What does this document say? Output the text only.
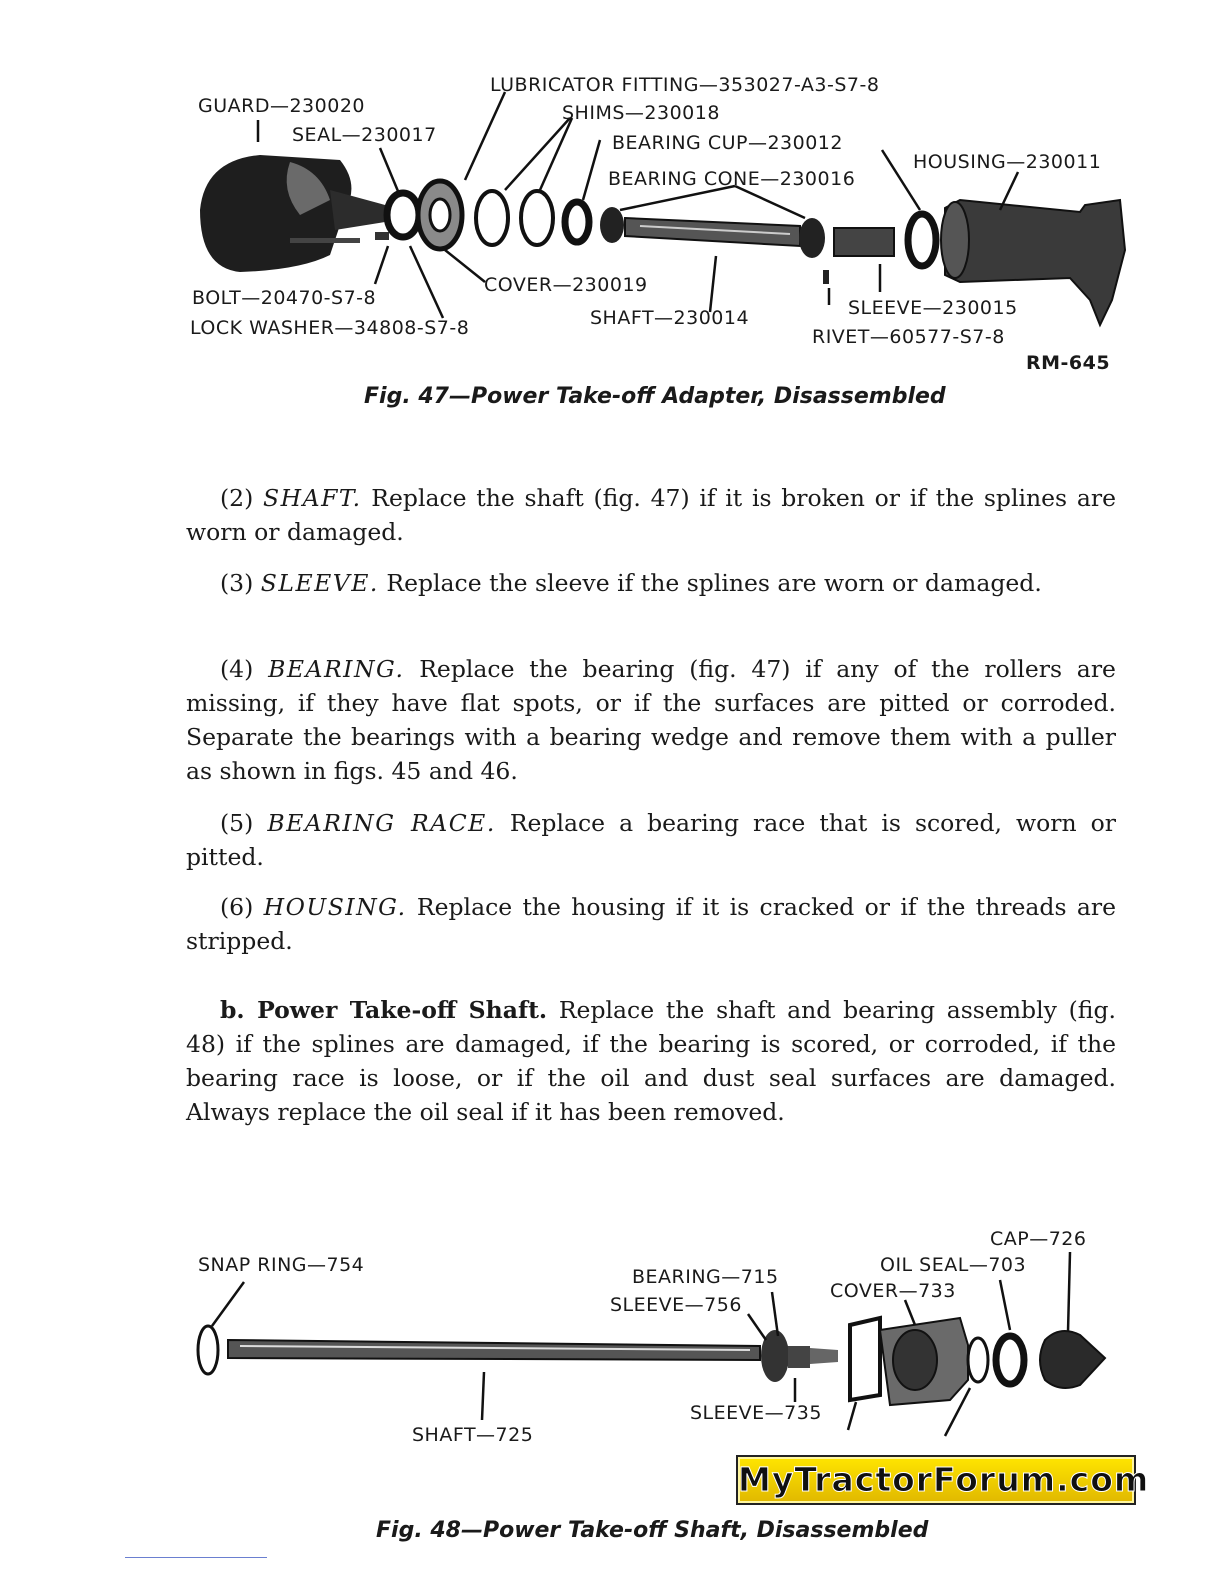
LUBRICATOR FITTING—353027-A3-S7-8
GUARD—230020	SHIMS—230018
SEAL—230017	BEARING CUP—230012
HOUSING—230011
BEARING CONE—230016
COVER—230019
BOLT—20470-S7-8	SLEEVE—230015
SHAFT—230014
LOCK WASHER—34808-S7-8	RIVET—60577-S7-8
RM-645
Fig. 47—Power Take-off Adapter, Disassembled
(2) SHAFT. Replace the shaft (fig. 47) if it is broken or if the splines are worn or damaged.
(3) SLEEVE. Replace the sleeve if the splines are worn or damaged.
(4) BEARING. Replace the bearing (fig. 47) if any of the rollers are missing, if they have flat spots, or if the surfaces are pitted or corroded. Separate the bearings with a bearing wedge and remove them with a puller as shown in figs. 45 and 46.
(5) BEARING RACE. Replace a bearing race that is scored, worn or pitted.
(6) HOUSING. Replace the housing if it is cracked or if the threads are stripped.
b. Power Take-off Shaft. Replace the shaft and bearing assembly (fig. 48) if the splines are damaged, if the bearing is scored, or corroded, if the bearing race is loose, or if the oil and dust seal surfaces are damaged. Always replace the oil seal if it has been removed.
CAP—726
SNAP RING—754	OIL SEAL—703
BEARING—715
COVER—733
SLEEVE—756
SLEEVE—735
SHAFT—725
MyTractorForum.com
Fig. 48—Power Take-off Shaft, Disassembled
